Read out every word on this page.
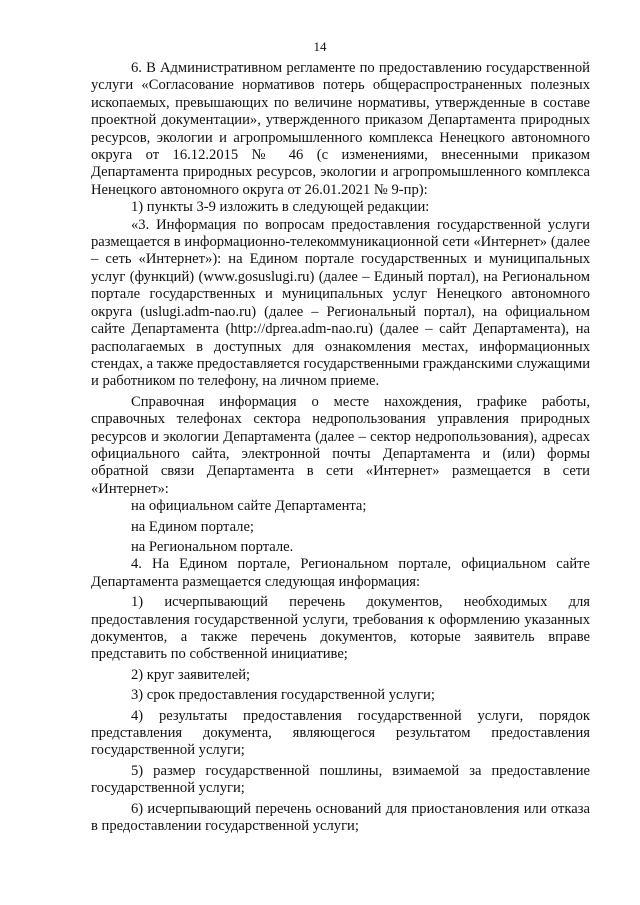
14

6. В Административном регламенте по предоставлению государственной услуги «Согласование нормативов потерь общераспространенных полезных ископаемых, превышающих по величине нормативы, утвержденные в составе проектной документации», утвержденного приказом Департамента природных ресурсов, экологии и агропромышленного комплекса Ненецкого автономного округа от 16.12.2015 № 46 (с изменениями, внесенными приказом Департамента природных ресурсов, экологии и агропромышленного комплекса Ненецкого автономного округа от 26.01.2021 № 9-пр):

1) пункты 3-9 изложить в следующей редакции:

«3. Информация по вопросам предоставления государственной услуги размещается в информационно-телекоммуникационной сети «Интернет» (далее – сеть «Интернет»): на Едином портале государственных и муниципальных услуг (функций) (www.gosuslugi.ru) (далее – Единый портал), на Региональном портале государственных и муниципальных услуг Ненецкого автономного округа (uslugi.adm-nao.ru) (далее – Региональный портал), на официальном сайте Департамента (http://dprea.adm-nao.ru) (далее – сайт Департамента), на располагаемых в доступных для ознакомления местах, информационных стендах, а также предоставляется государственными гражданскими служащими и работником по телефону, на личном приеме.

Справочная информация о месте нахождения, графике работы, справочных телефонах сектора недропользования управления природных ресурсов и экологии Департамента (далее – сектор недропользования), адресах официального сайта, электронной почты Департамента и (или) формы обратной связи Департамента в сети «Интернет» размещается в сети «Интернет»:

на официальном сайте Департамента;

на Едином портале;

на Региональном портале.

4. На Едином портале, Региональном портале, официальном сайте Департамента размещается следующая информация:

1) исчерпывающий перечень документов, необходимых для предоставления государственной услуги, требования к оформлению указанных документов, а также перечень документов, которые заявитель вправе представить по собственной инициативе;

2) круг заявителей;

3) срок предоставления государственной услуги;

4) результаты предоставления государственной услуги, порядок представления документа, являющегося результатом предоставления государственной услуги;

5) размер государственной пошлины, взимаемой за предоставление государственной услуги;

6) исчерпывающий перечень оснований для приостановления или отказа в предоставлении государственной услуги;
